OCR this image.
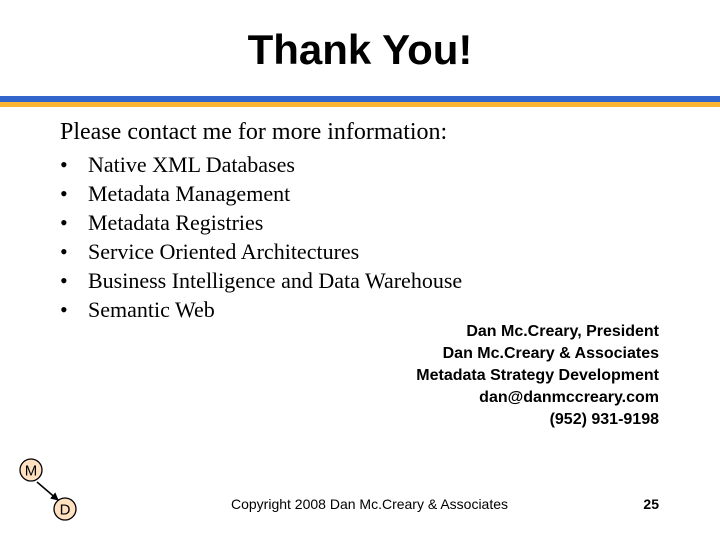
Thank You!
Please contact me for more information:
• Native XML Databases
• Metadata Management
• Metadata Registries
• Service Oriented Architectures
• Business Intelligence and Data Warehouse
• Semantic Web
Dan Mc.Creary, President
Dan Mc.Creary & Associates
Metadata Strategy Development
dan@danmccreary.com
(952) 931-9198
M
D	Copyright 2008 Dan Mc.Creary & Associates	25
